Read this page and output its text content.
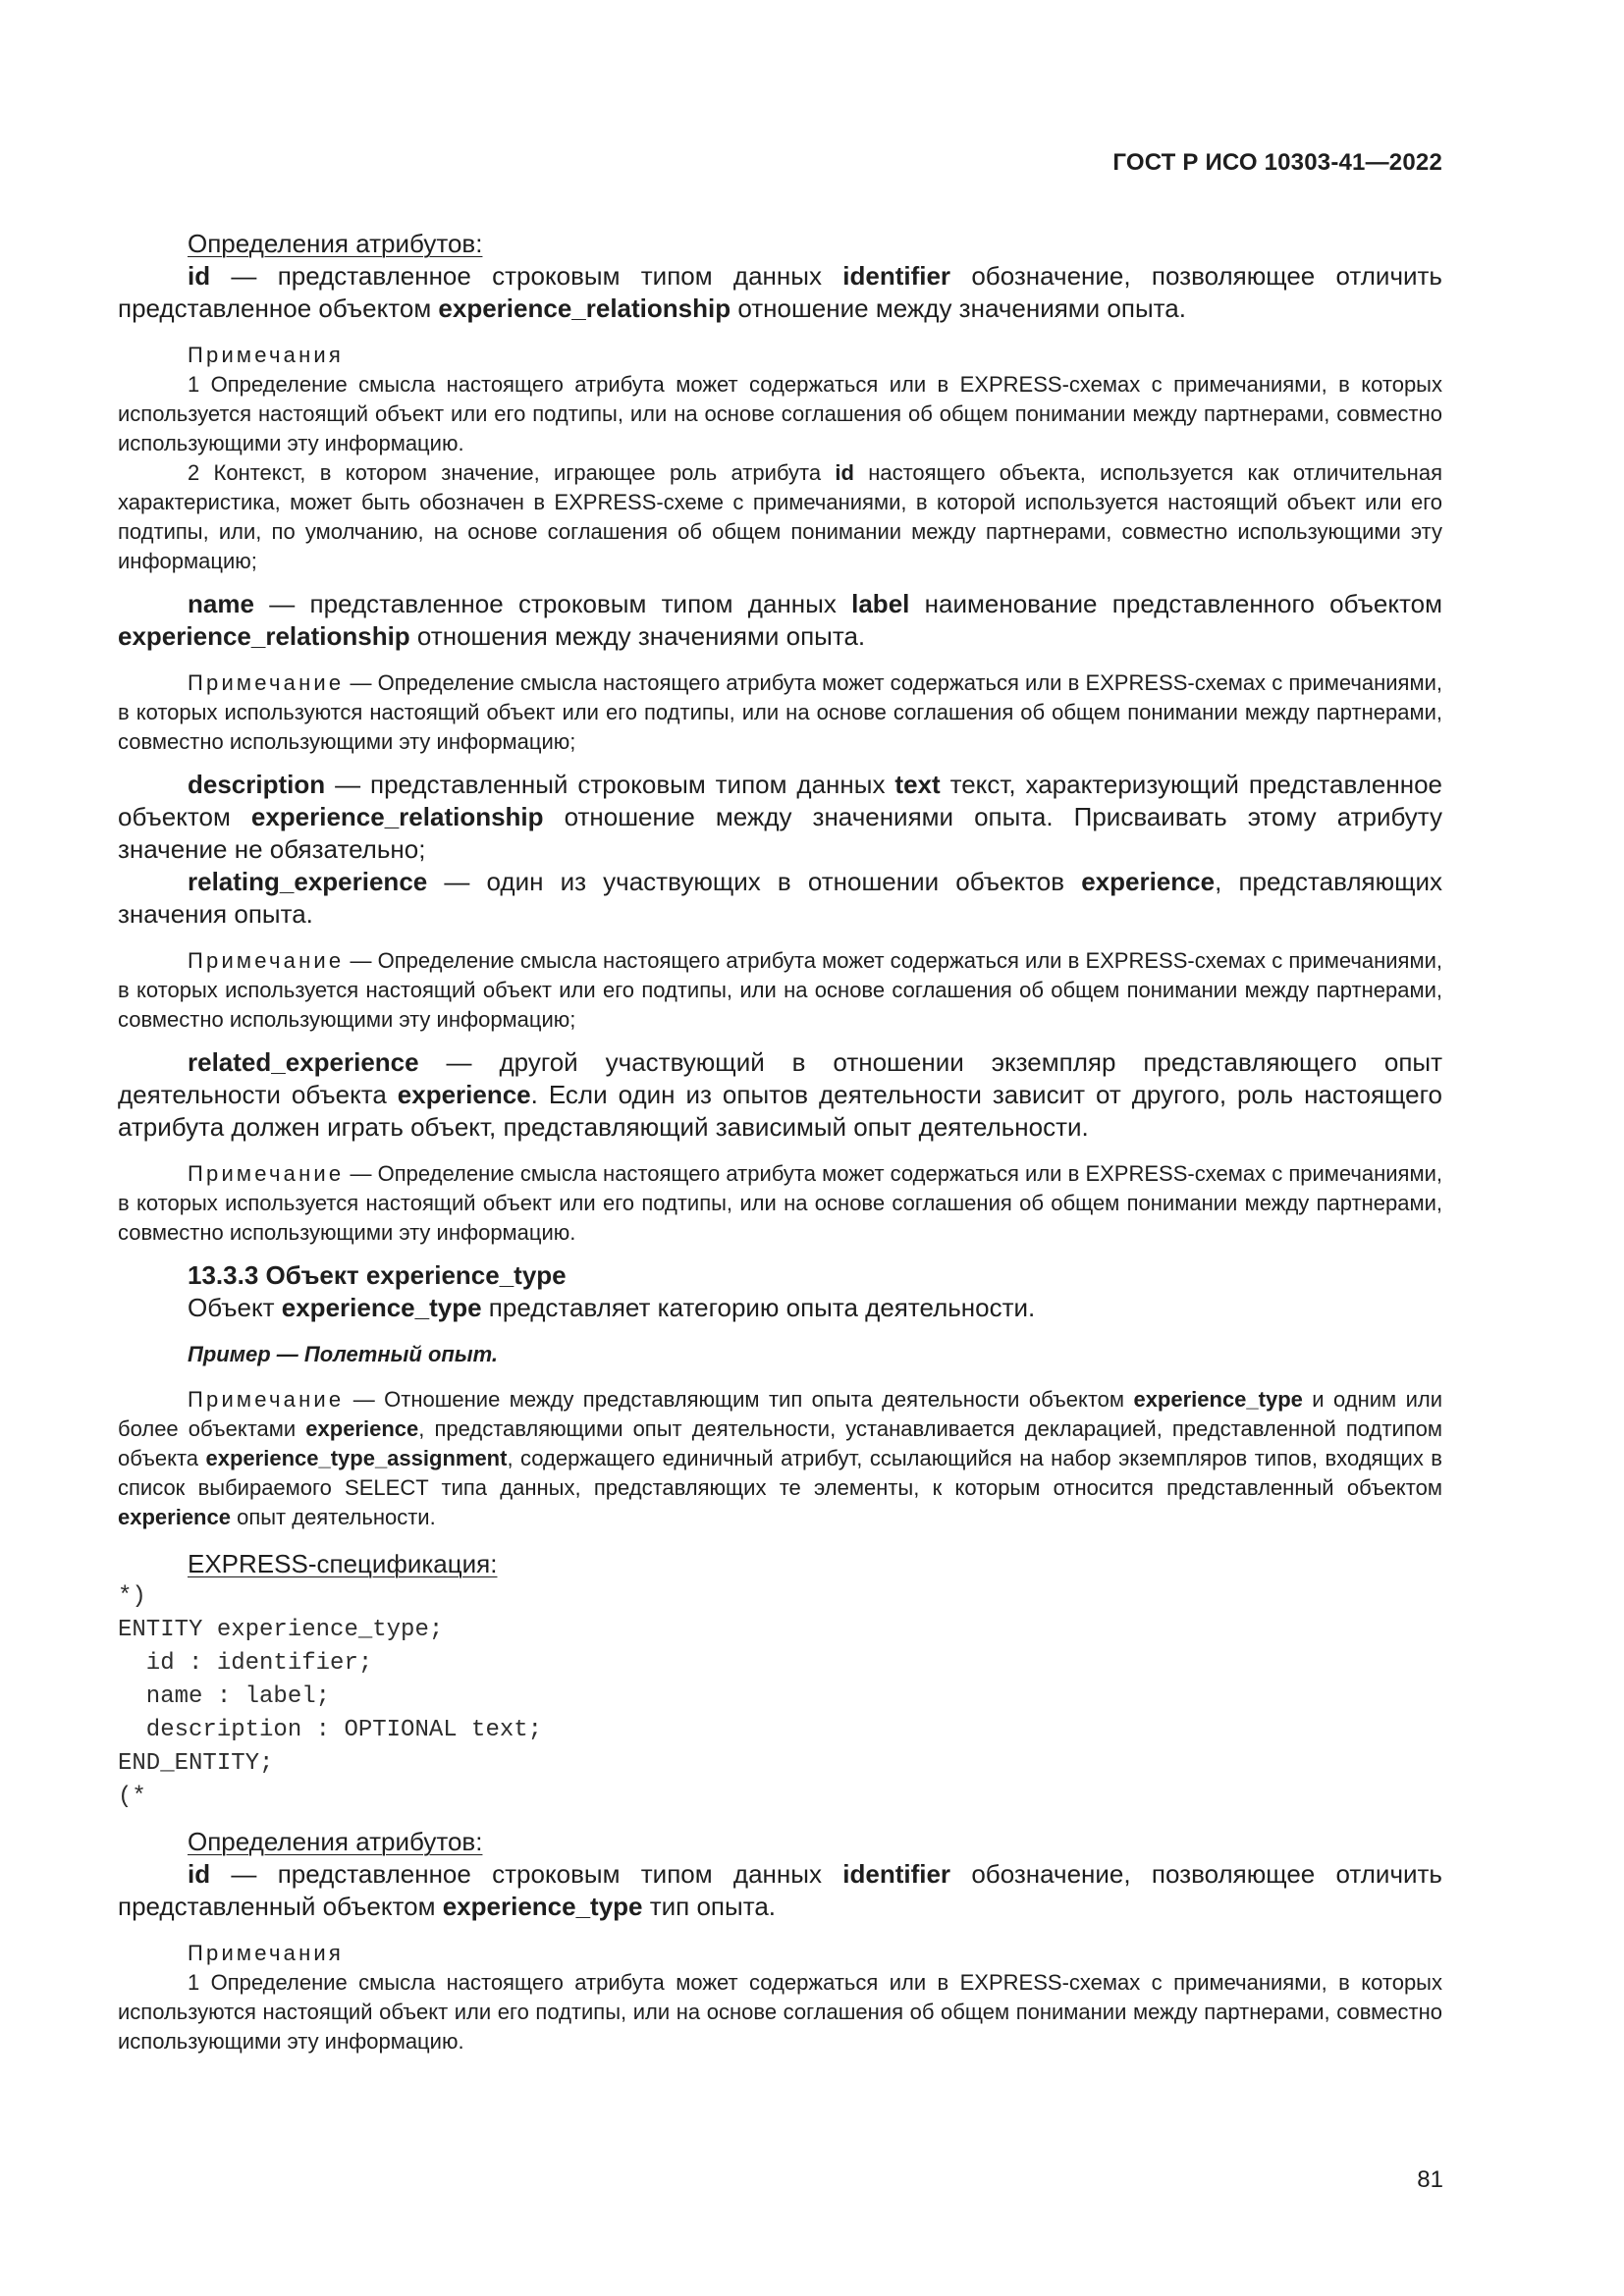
ГОСТ Р ИСО 10303-41—2022

Определения атрибутов:

id — представленное строковым типом данных identifier обозначение, позволяющее отличить представленное объектом experience_relationship отношение между значениями опыта.

Примечания

1 Определение смысла настоящего атрибута может содержаться или в EXPRESS-схемах с примечаниями, в которых используется настоящий объект или его подтипы, или на основе соглашения об общем понимании между партнерами, совместно использующими эту информацию.

2 Контекст, в котором значение, играющее роль атрибута id настоящего объекта, используется как отличительная характеристика, может быть обозначен в EXPRESS-схеме с примечаниями, в которой используется настоящий объект или его подтипы, или, по умолчанию, на основе соглашения об общем понимании между партнерами, совместно использующими эту информацию;

name — представленное строковым типом данных label наименование представленного объектом experience_relationship отношения между значениями опыта.

Примечание — Определение смысла настоящего атрибута может содержаться или в EXPRESS-схемах с примечаниями, в которых используются настоящий объект или его подтипы, или на основе соглашения об общем понимании между партнерами, совместно использующими эту информацию;

description — представленный строковым типом данных text текст, характеризующий представленное объектом experience_relationship отношение между значениями опыта. Присваивать этому атрибуту значение не обязательно;

relating_experience — один из участвующих в отношении объектов experience, представляющих значения опыта.

Примечание — Определение смысла настоящего атрибута может содержаться или в EXPRESS-схемах с примечаниями, в которых используется настоящий объект или его подтипы, или на основе соглашения об общем понимании между партнерами, совместно использующими эту информацию;

related_experience — другой участвующий в отношении экземпляр представляющего опыт деятельности объекта experience. Если один из опытов деятельности зависит от другого, роль настоящего атрибута должен играть объект, представляющий зависимый опыт деятельности.

Примечание — Определение смысла настоящего атрибута может содержаться или в EXPRESS-схемах с примечаниями, в которых используется настоящий объект или его подтипы, или на основе соглашения об общем понимании между партнерами, совместно использующими эту информацию.

13.3.3 Объект experience_type

Объект experience_type представляет категорию опыта деятельности.

Пример — Полетный опыт.

Примечание — Отношение между представляющим тип опыта деятельности объектом experience_type и одним или более объектами experience, представляющими опыт деятельности, устанавливается декларацией, представленной подтипом объекта experience_type_assignment, содержащего единичный атрибут, ссылающийся на набор экземпляров типов, входящих в список выбираемого SELECT типа данных, представляющих те элементы, к которым относится представленный объектом experience опыт деятельности.

EXPRESS-спецификация:

*)
ENTITY experience_type;
id : identifier;
name : label;
description : OPTIONAL text;
END_ENTITY;
(*

Определения атрибутов:

id — представленное строковым типом данных identifier обозначение, позволяющее отличить представленный объектом experience_type тип опыта.

Примечания

1 Определение смысла настоящего атрибута может содержаться или в EXPRESS-схемах с примечаниями, в которых используются настоящий объект или его подтипы, или на основе соглашения об общем понимании между партнерами, совместно использующими эту информацию.

81
